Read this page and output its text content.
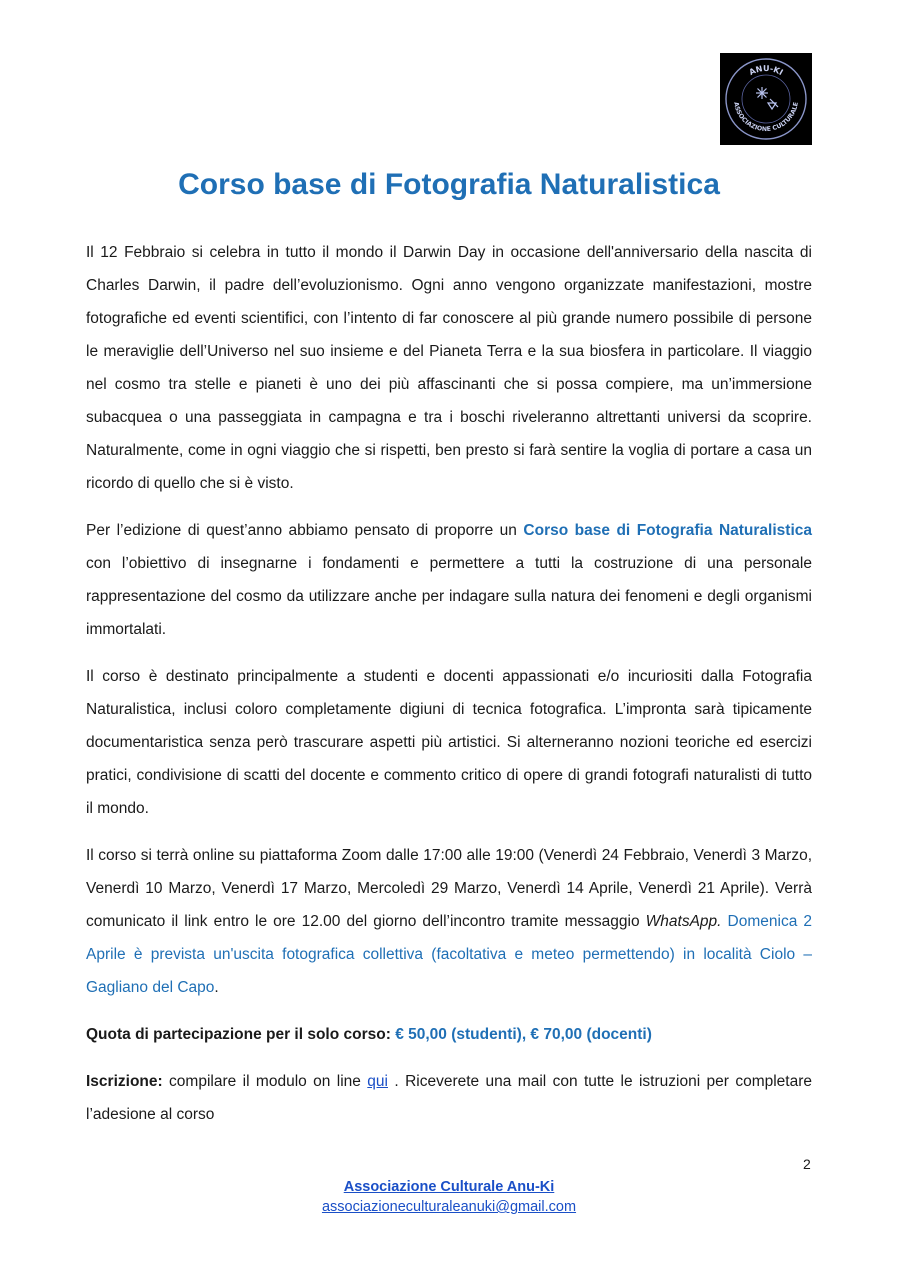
ANU-KI
ASSOCIAZIONE CULTURALE
Corso base di Fotografia Naturalistica

Il 12 Febbraio si celebra in tutto il mondo il Darwin Day in occasione dell'anniversario della nascita di Charles Darwin, il padre dell’evoluzionismo. Ogni anno vengono organizzate manifestazioni, mostre fotografiche ed eventi scientifici, con l’intento di far conoscere al più grande numero possibile di persone le meraviglie dell’Universo nel suo insieme e del Pianeta Terra e la sua biosfera in particolare. Il viaggio nel cosmo tra stelle e pianeti è uno dei più affascinanti che si possa compiere, ma un’immersione subacquea o una passeggiata in campagna e tra i boschi riveleranno altrettanti universi da scoprire. Naturalmente, come in ogni viaggio che si rispetti, ben presto si farà sentire la voglia di portare a casa un ricordo di quello che si è visto.

Per l’edizione di quest’anno abbiamo pensato di proporre un Corso base di Fotografia Naturalistica con l’obiettivo di insegnarne i fondamenti e permettere a tutti la costruzione di una personale rappresentazione del cosmo da utilizzare anche per indagare sulla natura dei fenomeni e degli organismi immortalati.

Il corso è destinato principalmente a studenti e docenti appassionati e/o incuriositi dalla Fotografia Naturalistica, inclusi coloro completamente digiuni di tecnica fotografica. L’impronta sarà tipicamente documentaristica senza però trascurare aspetti più artistici. Si alterneranno nozioni teoriche ed esercizi pratici, condivisione di scatti del docente e commento critico di opere di grandi fotografi naturalisti di tutto il mondo.

Il corso si terrà online su piattaforma Zoom dalle 17:00 alle 19:00 (Venerdì 24 Febbraio, Venerdì 3 Marzo, Venerdì 10 Marzo, Venerdì 17 Marzo, Mercoledì 29 Marzo, Venerdì 14 Aprile, Venerdì 21 Aprile). Verrà comunicato il link entro le ore 12.00 del giorno dell’incontro tramite messaggio WhatsApp. Domenica 2 Aprile è prevista un'uscita fotografica collettiva (facoltativa e meteo permettendo) in località Ciolo – Gagliano del Capo.

Quota di partecipazione per il solo corso: € 50,00 (studenti), € 70,00 (docenti)

Iscrizione: compilare il modulo on line qui . Riceverete una mail con tutte le istruzioni per completare l’adesione al corso

2
Associazione Culturale Anu-Ki
associazioneculturaleanuki@gmail.com
